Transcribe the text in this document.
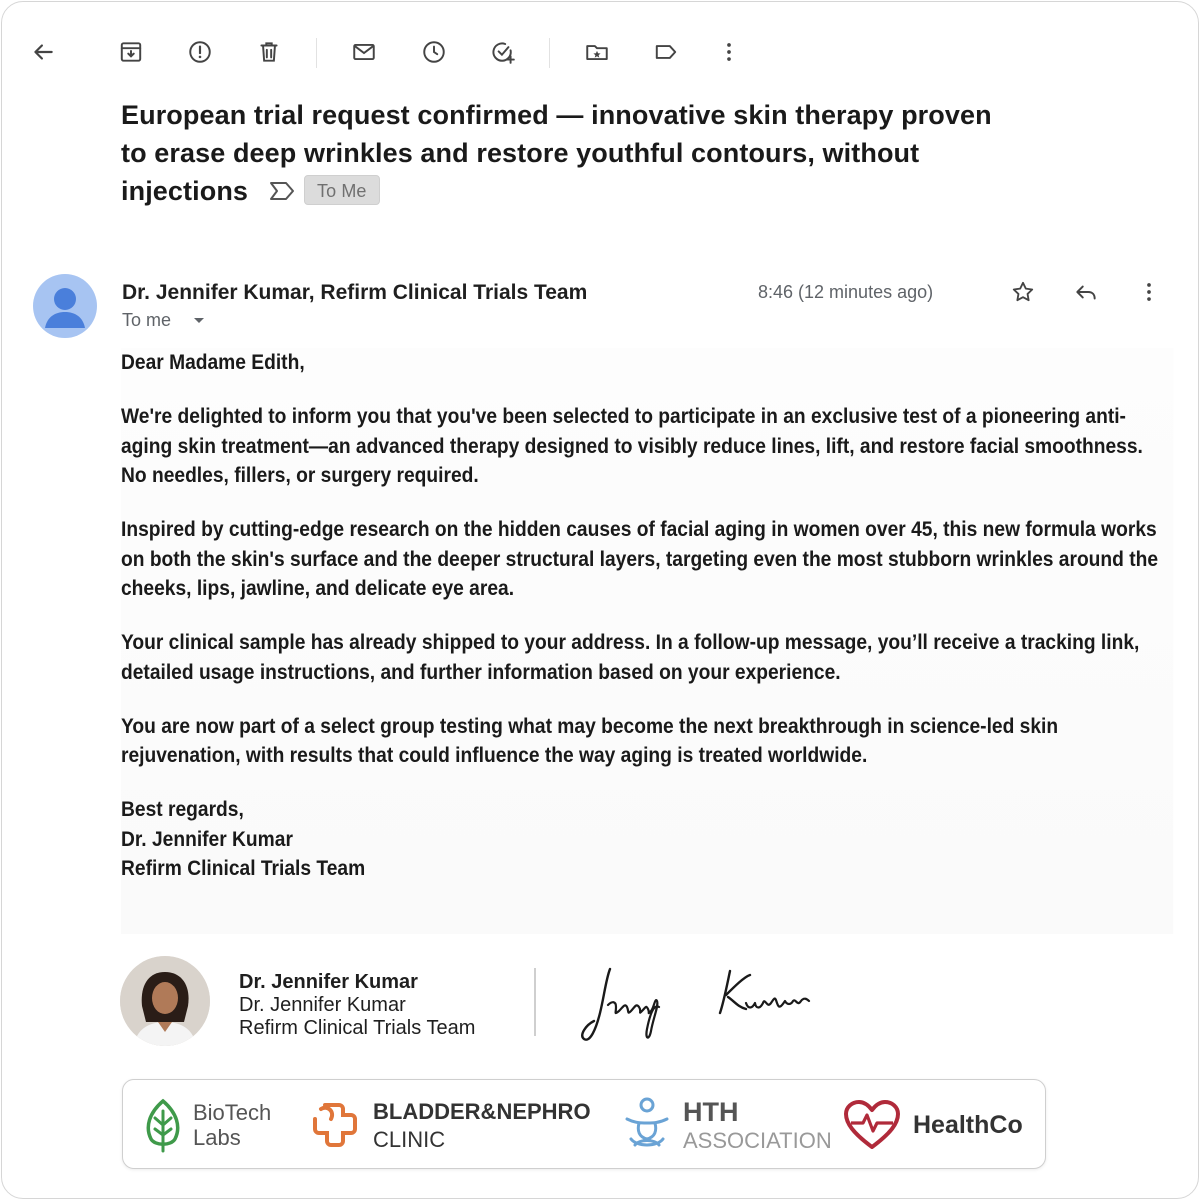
European trial request confirmed — innovative skin therapy proven to erase deep wrinkles and restore youthful contours, without injections	To Me
Dr. Jennifer Kumar, Refirm Clinical Trials Team
To me
8:46 (12 minutes ago)

Dear Madame Edith,

We're delighted to inform you that you've been selected to participate in an exclusive test of a pioneering anti-aging skin treatment—an advanced therapy designed to visibly reduce lines, lift, and restore facial smoothness. No needles, fillers, or surgery required.

Inspired by cutting-edge research on the hidden causes of facial aging in women over 45, this new formula works on both the skin's surface and the deeper structural layers, targeting even the most stubborn wrinkles around the cheeks, lips, jawline, and delicate eye area.

Your clinical sample has already shipped to your address. In a follow-up message, you’ll receive a tracking link, detailed usage instructions, and further information based on your experience.

You are now part of a select group testing what may become the next breakthrough in science-led skin rejuvenation, with results that could influence the way aging is treated worldwide.

Best regards,

Dr. Jennifer Kumar

Refirm Clinical Trials Team

Dr. Jennifer Kumar
Dr. Jennifer Kumar
Refirm Clinical Trials Team
BioTech
Labs
BLADDER&NEPHRO
CLINIC
HTH
ASSOCIATION
HealthCo
